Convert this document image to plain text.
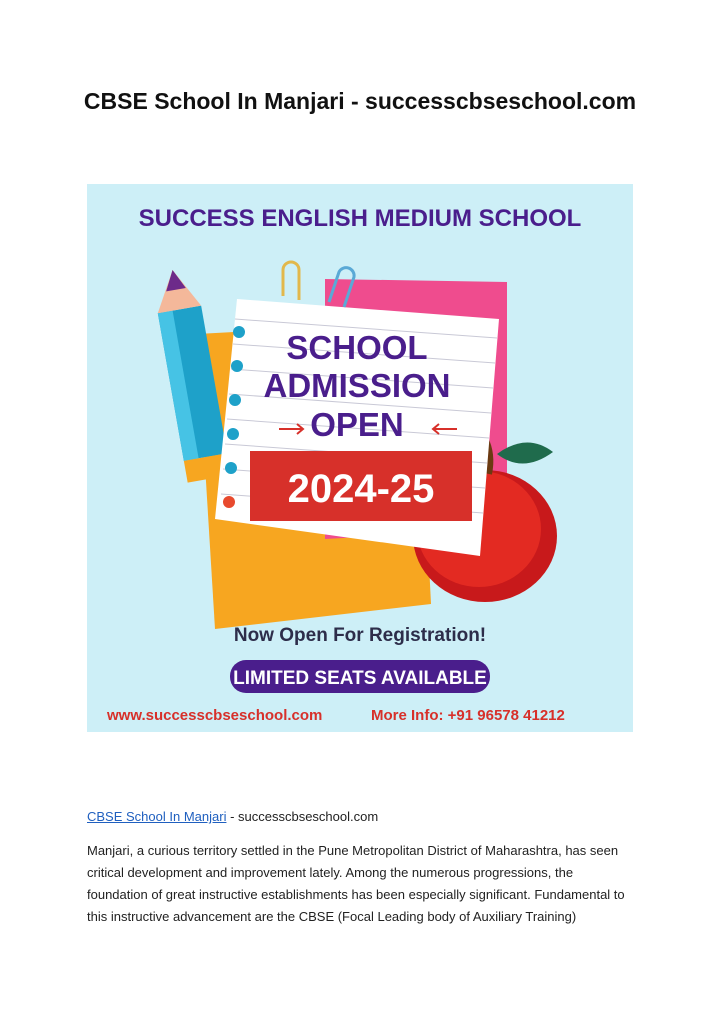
CBSE School In Manjari - successcbseschool.com
SUCCESS ENGLISH MEDIUM SCHOOL
SCHOOL
ADMISSION
OPEN
2024-25
Now Open For Registration!
LIMITED SEATS AVAILABLE
www.successcbseschool.com	More Info: +91 96578 41212
CBSE School In Manjari - successcbseschool.com

Manjari, a curious territory settled in the Pune Metropolitan District of Maharashtra, has seen critical development and improvement lately. Among the numerous progressions, the foundation of great instructive establishments has been especially significant. Fundamental to this instructive advancement are the CBSE (Focal Leading body of Auxiliary Training)
